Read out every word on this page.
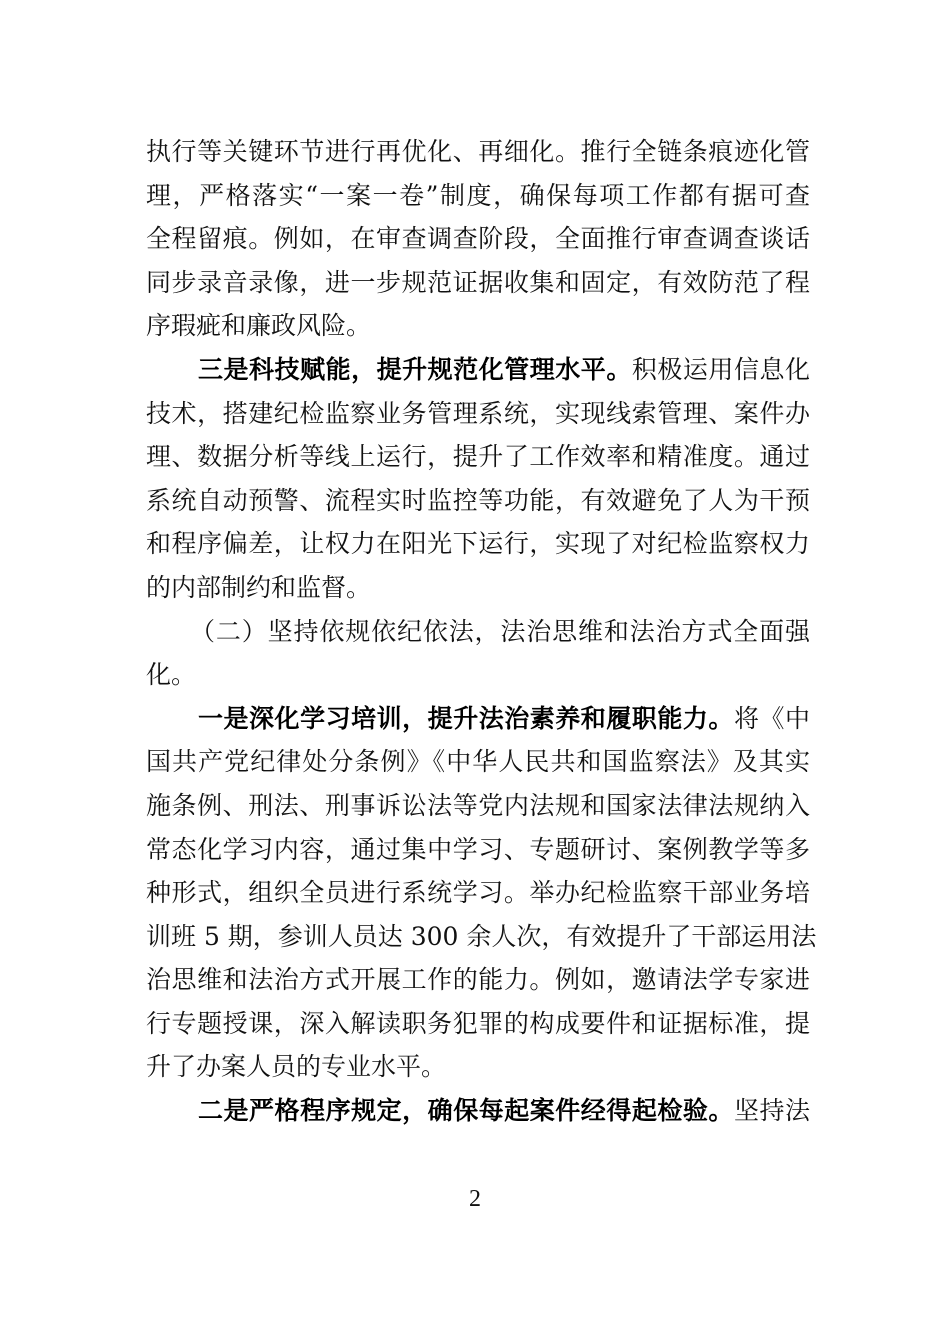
执行等关键环节进行再优化、再细化。推行全链条痕迹化管
理，严格落实“一案一卷”制度，确保每项工作都有据可查
全程留痕。例如，在审查调查阶段，全面推行审查调查谈话
同步录音录像，进一步规范证据收集和固定，有效防范了程
序瑕疵和廉政风险。
三是科技赋能，提升规范化管理水平。积极运用信息化
技术，搭建纪检监察业务管理系统，实现线索管理、案件办
理、数据分析等线上运行，提升了工作效率和精准度。通过
系统自动预警、流程实时监控等功能，有效避免了人为干预
和程序偏差，让权力在阳光下运行，实现了对纪检监察权力
的内部制约和监督。
（二）坚持依规依纪依法，法治思维和法治方式全面强
化。
一是深化学习培训，提升法治素养和履职能力。将《中
国共产党纪律处分条例》《中华人民共和国监察法》及其实
施条例、刑法、刑事诉讼法等党内法规和国家法律法规纳入
常态化学习内容，通过集中学习、专题研讨、案例教学等多
种形式，组织全员进行系统学习。举办纪检监察干部业务培
训班 5 期，参训人员达 300 余人次，有效提升了干部运用法
治思维和法治方式开展工作的能力。例如，邀请法学专家进
行专题授课，深入解读职务犯罪的构成要件和证据标准，提
升了办案人员的专业水平。
二是严格程序规定，确保每起案件经得起检验。坚持法
2
